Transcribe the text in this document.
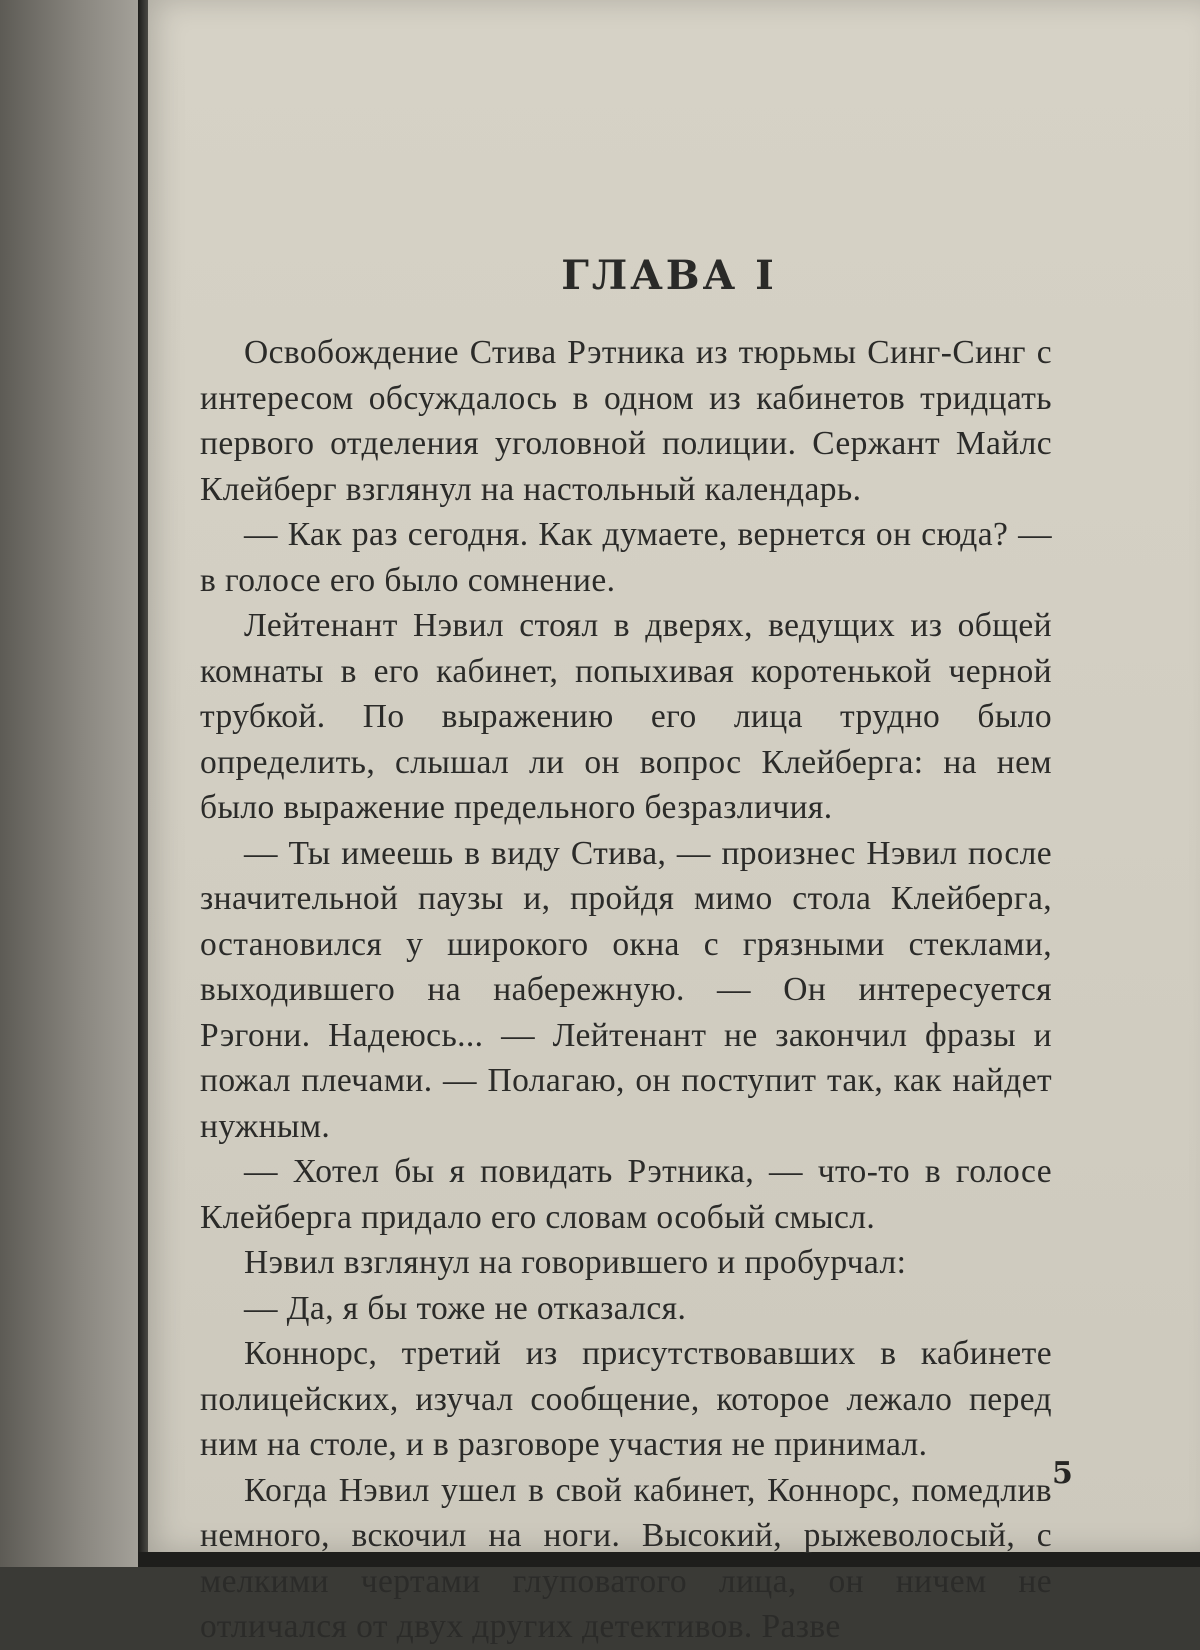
ГЛАВА I

Освобождение Стива Рэтника из тюрьмы Синг-Синг с интересом обсуждалось в одном из кабинетов тридцать первого отделения уголовной полиции. Сержант Майлс Клейберг взглянул на настольный календарь.

— Как раз сегодня. Как думаете, вернется он сюда? — в голосе его было сомнение.

Лейтенант Нэвил стоял в дверях, ведущих из общей комнаты в его кабинет, попыхивая коротенькой черной трубкой. По выражению его лица трудно было определить, слышал ли он вопрос Клейберга: на нем было выражение предельного безразличия.

— Ты имеешь в виду Стива, — произнес Нэвил после значительной паузы и, пройдя мимо стола Клейберга, остановился у широкого окна с грязными стеклами, выходившего на набережную. — Он интересуется Рэгони. Надеюсь... — Лейтенант не закончил фразы и пожал плечами. — Полагаю, он поступит так, как найдет нужным.

— Хотел бы я повидать Рэтника, — что-то в голосе Клейберга придало его словам особый смысл.

Нэвил взглянул на говорившего и пробурчал:

— Да, я бы тоже не отказался.

Коннорс, третий из присутствовавших в кабинете полицейских, изучал сообщение, которое лежало перед ним на столе, и в разговоре участия не принимал.

Когда Нэвил ушел в свой кабинет, Коннорс, помедлив немного, вскочил на ноги. Высокий, рыжеволосый, с мелкими чертами глуповатого лица, он ничем не отличался от двух других детективов. Разве

5
